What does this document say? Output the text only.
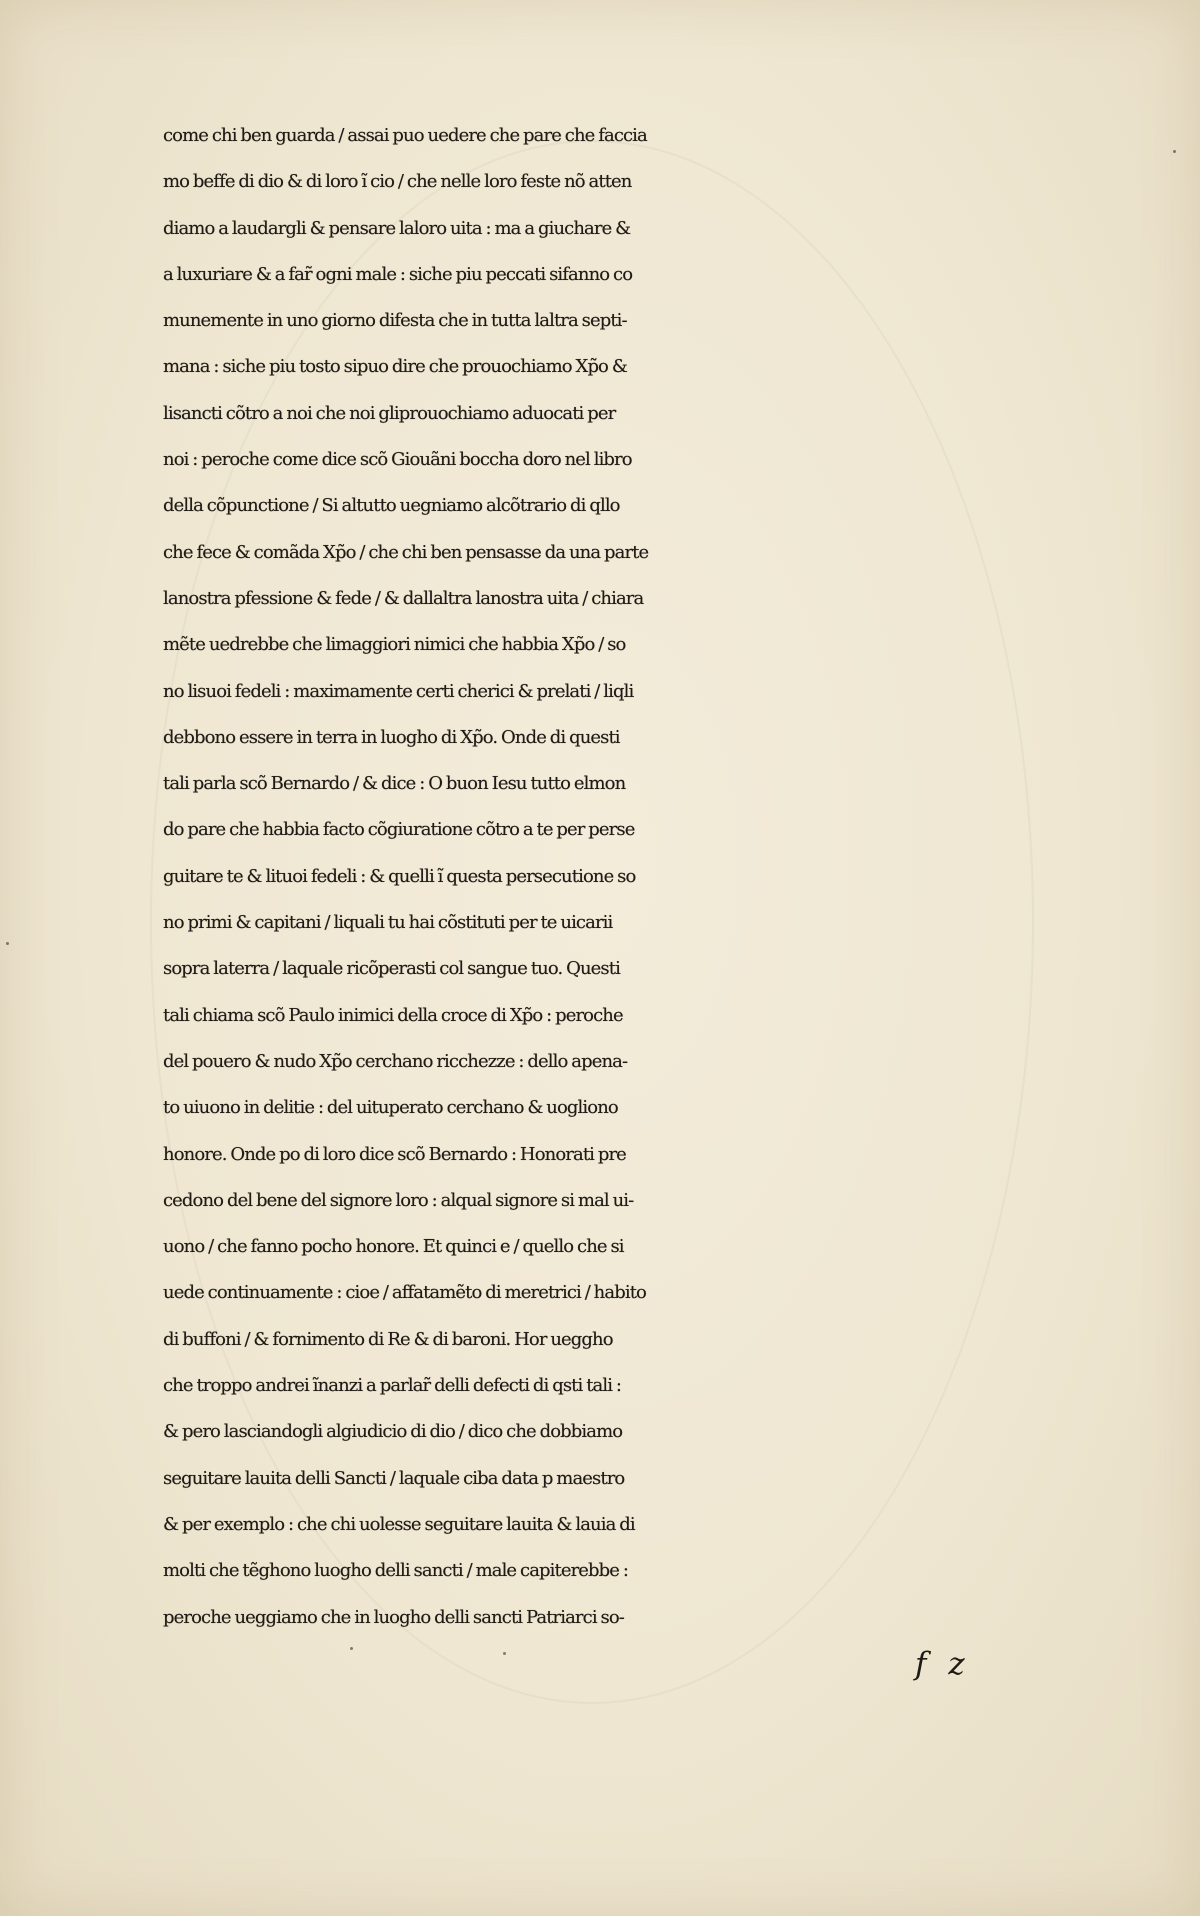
come chi ben guarda / assai puo uedere che pare che faccia
mo beffe di dio & di loro ĩ cio / che nelle loro feste nõ atten
diamo a laudargli & pensare laloro uita : ma a giuchare &
a luxuriare & a far̃ ogni male : siche piu peccati sifanno co
munemente in uno giorno difesta che in tutta laltra septi-
mana : siche piu tosto sipuo dire che prouochiamo Xp̃o &
lisancti cõtro a noi che noi gliprouochiamo aduocati per
noi : peroche come dice scõ Giouãni boccha doro nel libro
della cõpunctione / Si altutto uegniamo alcõtrario di qllo
che fece & comãda Xp̃o / che chi ben pensasse da una parte
lanostra pfessione & fede / & dallaltra lanostra uita / chiara
mẽte uedrebbe che limaggiori nimici che habbia Xp̃o / so
no lisuoi fedeli : maximamente certi cherici & prelati / liqli
debbono essere in terra in luogho di Xp̃o. Onde di questi
tali parla scõ Bernardo / & dice : O buon Iesu tutto elmon
do pare che habbia facto cõgiuratione cõtro a te per perse
guitare te & lituoi fedeli : & quelli ĩ questa persecutione so
no primi & capitani / liquali tu hai cõstituti per te uicarii
sopra laterra / laquale ricõperasti col sangue tuo. Questi
tali chiama scõ Paulo inimici della croce di Xp̃o : peroche
del pouero & nudo Xp̃o cerchano ricchezze : dello apena-
to uiuono in delitie : del uituperato cerchano & uogliono
honore. Onde po di loro dice scõ Bernardo : Honorati pre
cedono del bene del signore loro : alqual signore si mal ui-
uono / che fanno pocho honore. Et quinci e / quello che si
uede continuamente : cioe / affatamẽto di meretrici / habito
di buffoni / & fornimento di Re & di baroni. Hor ueggho
che troppo andrei ĩnanzi a parlar̃ delli defecti di qsti tali :
& pero lasciandogli algiudicio di dio / dico che dobbiamo
seguitare lauita delli Sancti / laquale ciba data p maestro
& per exemplo : che chi uolesse seguitare lauita & lauia di
molti che tẽghono luogho delli sancti / male capiterebbe :
peroche ueggiamo che in luogho delli sancti Patriarci so-
f z
